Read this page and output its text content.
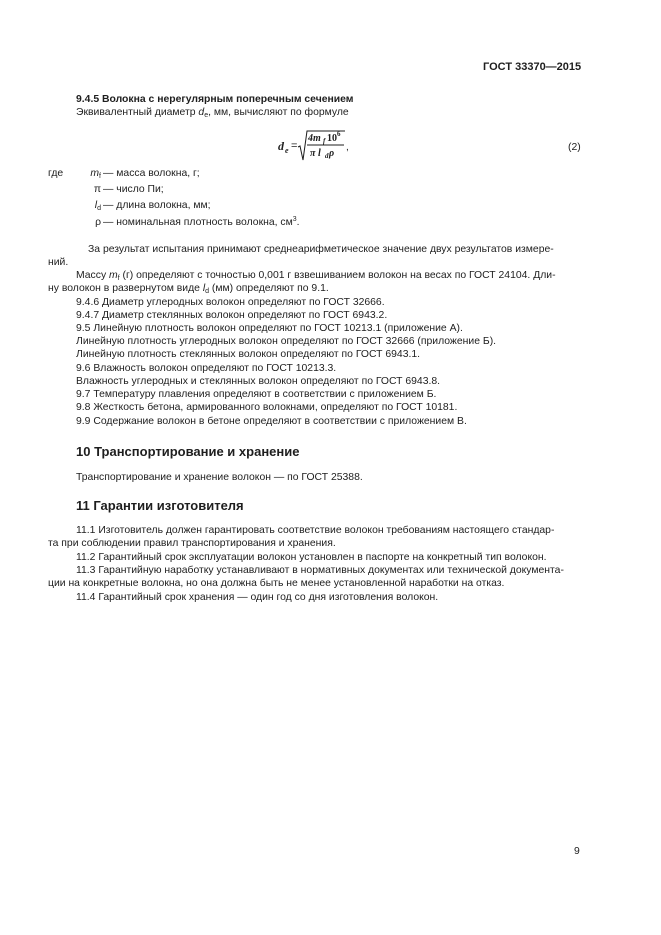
ГОСТ 33370—2015
9.4.5 Волокна с нерегулярным поперечным сечением
Эквивалентный диаметр $d_e$, мм, вычисляют по формуле
d e =
4m f 10 6
π l d ρ
,	(2)
где	$m_f$ — масса волокна, г;
π — число Пи;
$l_d$ — длина волокна, мм;
ρ — номинальная плотность волокна, $см^3$.
За результат испытания принимают среднеарифметическое значение двух результатов измере-
ний.
Массу $m_f$ (г) определяют с точностью 0,001 г взвешиванием волокон на весах по ГОСТ 24104. Дли-
ну волокон в развернутом виде $l_d$ (мм) определяют по 9.1.
9.4.6 Диаметр углеродных волокон определяют по ГОСТ 32666.
9.4.7 Диаметр стеклянных волокон определяют по ГОСТ 6943.2.
9.5 Линейную плотность волокон определяют по ГОСТ 10213.1 (приложение А).
Линейную плотность углеродных волокон определяют по ГОСТ 32666 (приложение Б).
Линейную плотность стеклянных волокон определяют по ГОСТ 6943.1.
9.6 Влажность волокон определяют по ГОСТ 10213.3.
Влажность углеродных и стеклянных волокон определяют по ГОСТ 6943.8.
9.7 Температуру плавления определяют в соответствии с приложением Б.
9.8 Жесткость бетона, армированного волокнами, определяют по ГОСТ 10181.
9.9 Содержание волокон в бетоне определяют в соответствии с приложением В.
10 Транспортирование и хранение
Транспортирование и хранение волокон — по ГОСТ 25388.
11 Гарантии изготовителя
11.1 Изготовитель должен гарантировать соответствие волокон требованиям настоящего стандар-
та при соблюдении правил транспортирования и хранения.
11.2 Гарантийный срок эксплуатации волокон установлен в паспорте на конкретный тип волокон.
11.3 Гарантийную наработку устанавливают в нормативных документах или технической документа-
ции на конкретные волокна, но она должна быть не менее установленной наработки на отказ.
11.4 Гарантийный срок хранения — один год со дня изготовления волокон.
9
